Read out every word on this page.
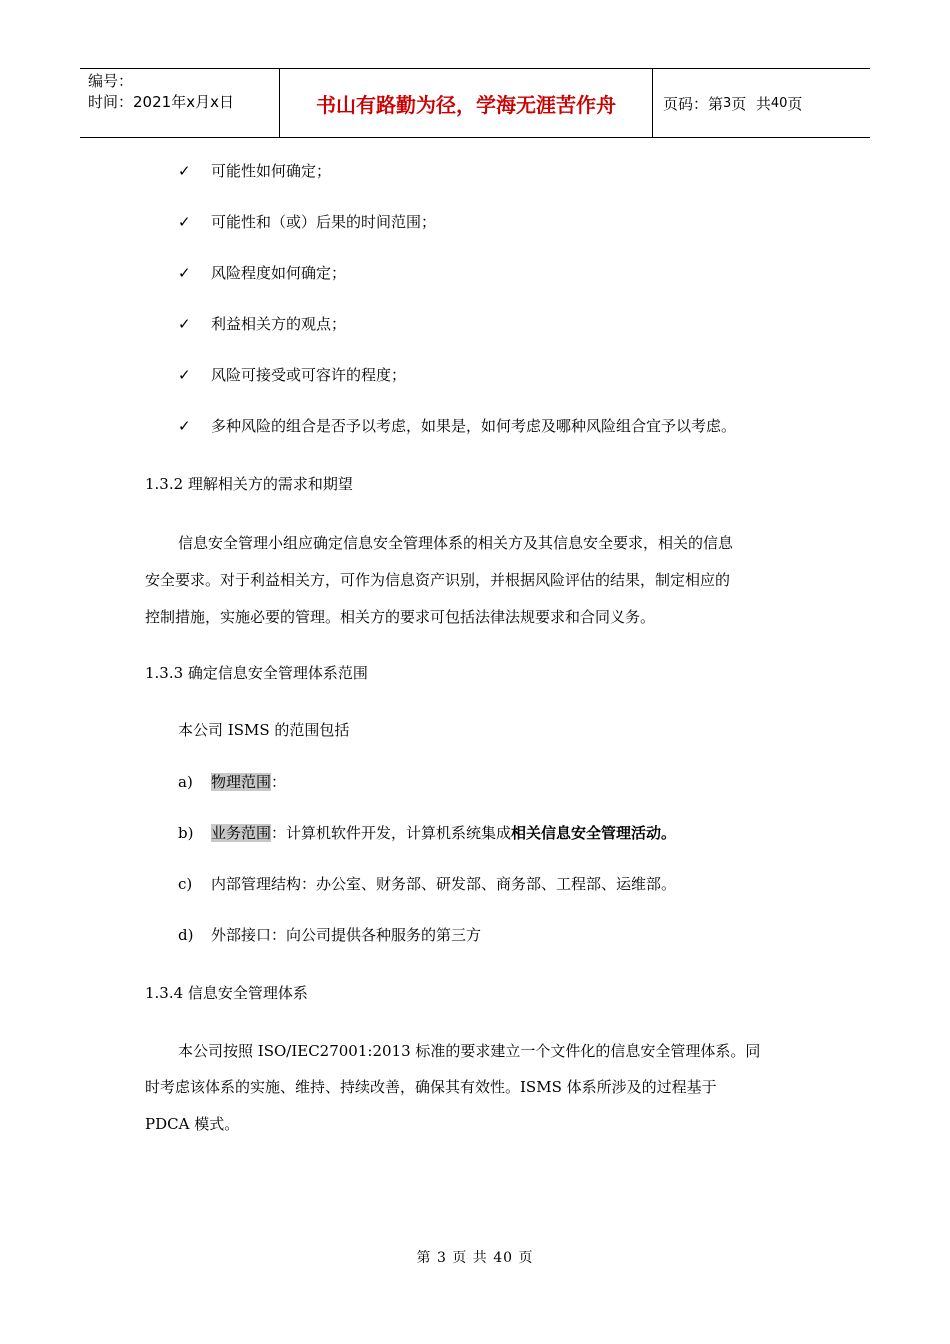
编号：
时间：2021年x月x日	书山有路勤为径，学海无涯苦作舟	页码：第 3 页  共 40 页
✓ 可能性如何确定；
✓ 可能性和（或）后果的时间范围；
✓ 风险程度如何确定；
✓ 利益相关方的观点；
✓ 风险可接受或可容许的程度；
✓ 多种风险的组合是否予以考虑，如果是，如何考虑及哪种风险组合宜予以考虑。
1.3.2 理解相关方的需求和期望
信息安全管理小组应确定信息安全管理体系的相关方及其信息安全要求，相关的信息
安全要求。对于利益相关方，可作为信息资产识别，并根据风险评估的结果，制定相应的
控制措施，实施必要的管理。相关方的要求可包括法律法规要求和合同义务。
1.3.3 确定信息安全管理体系范围
本公司 ISMS 的范围包括
a) 物理范围：
b) 业务范围：计算机软件开发，计算机系统集成相关信息安全管理活动。
c) 内部管理结构：办公室、财务部、研发部、商务部、工程部、运维部。
d) 外部接口：向公司提供各种服务的第三方
1.3.4 信息安全管理体系
本公司按照 ISO/IEC27001:2013 标准的要求建立一个文件化的信息安全管理体系。同
时考虑该体系的实施、维持、持续改善，确保其有效性。ISMS 体系所涉及的过程基于
PDCA 模式。
第 3 页 共 40 页
